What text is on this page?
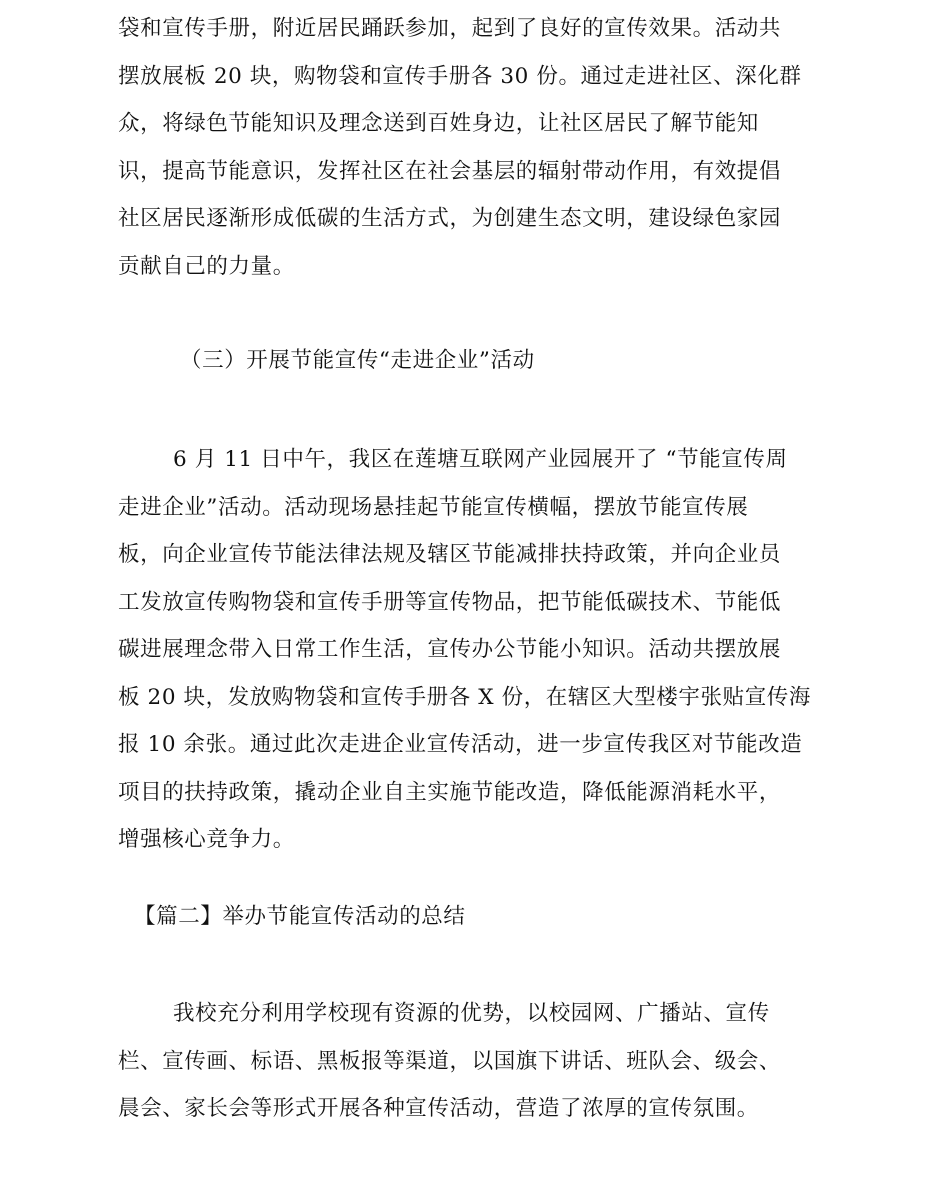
袋和宣传手册，附近居民踊跃参加，起到了良好的宣传效果。活动共
摆放展板 20 块，购物袋和宣传手册各 30 份。通过走进社区、深化群
众，将绿色节能知识及理念送到百姓身边，让社区居民了解节能知
识，提高节能意识，发挥社区在社会基层的辐射带动作用，有效提倡
社区居民逐渐形成低碳的生活方式，为创建生态文明，建设绿色家园
贡献自己的力量。
（三）开展节能宣传“走进企业”活动
6 月 11 日中午，我区在莲塘互联网产业园展开了 “节能宣传周
走进企业”活动。活动现场悬挂起节能宣传横幅，摆放节能宣传展
板，向企业宣传节能法律法规及辖区节能减排扶持政策，并向企业员
工发放宣传购物袋和宣传手册等宣传物品，把节能低碳技术、节能低
碳进展理念带入日常工作生活，宣传办公节能小知识。活动共摆放展
板 20 块，发放购物袋和宣传手册各 X 份，在辖区大型楼宇张贴宣传海
报 10 余张。通过此次走进企业宣传活动，进一步宣传我区对节能改造
项目的扶持政策，撬动企业自主实施节能改造，降低能源消耗水平，
增强核心竞争力。
【篇二】举办节能宣传活动的总结
我校充分利用学校现有资源的优势，以校园网、广播站、宣传
栏、宣传画、标语、黑板报等渠道，以国旗下讲话、班队会、级会、
晨会、家长会等形式开展各种宣传活动，营造了浓厚的宣传氛围。
